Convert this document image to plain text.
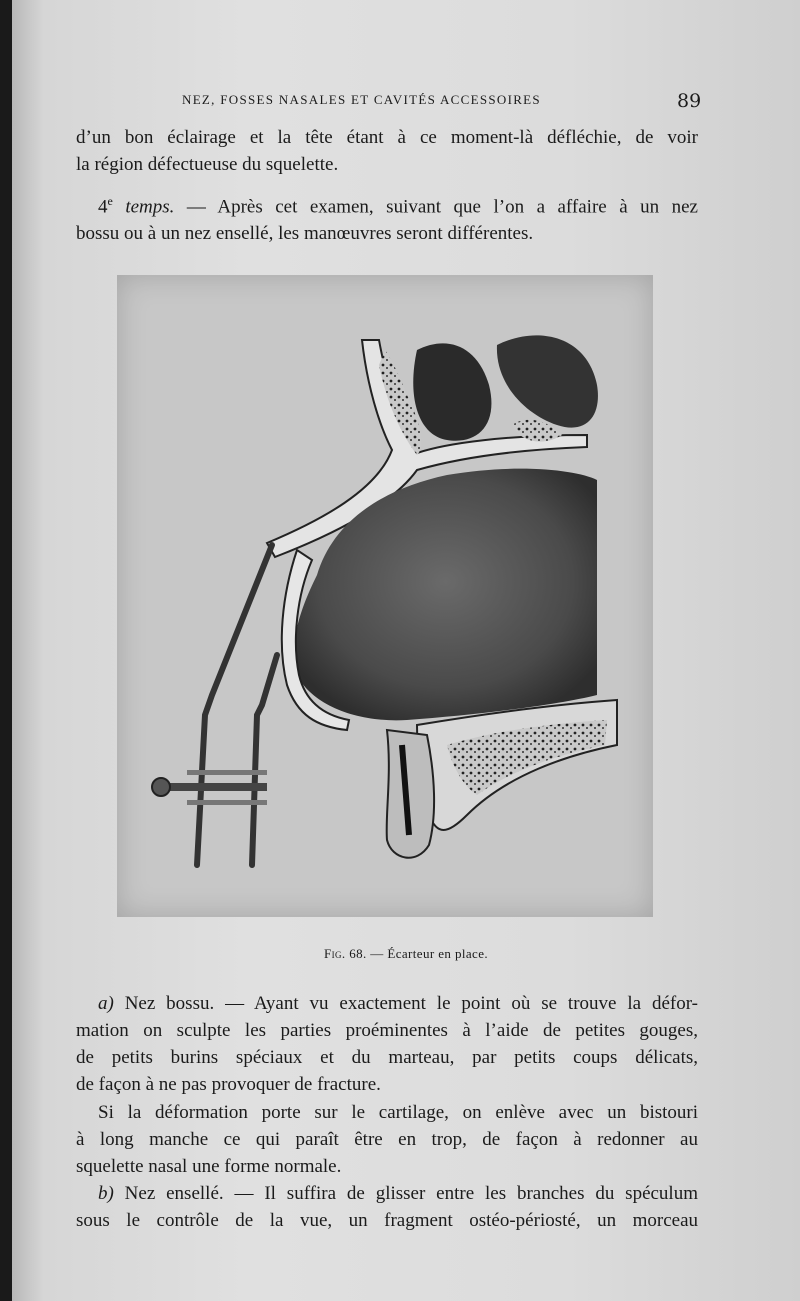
NEZ, FOSSES NASALES ET CAVITÉS ACCESSOIRES	89
d’un bon éclairage et la tête étant à ce moment-là défléchie, de voir
la région défectueuse du squelette.
4e temps. — Après cet examen, suivant que l’on a affaire à un nez
bossu ou à un nez ensellé, les manœuvres seront différentes.
Fig. 68. — Écarteur en place.
a) Nez bossu. — Ayant vu exactement le point où se trouve la défor-
mation on sculpte les parties proéminentes à l’aide de petites gouges,
de petits burins spéciaux et du marteau, par petits coups délicats,
de façon à ne pas provoquer de fracture.
Si la déformation porte sur le cartilage, on enlève avec un bistouri
à long manche ce qui paraît être en trop, de façon à redonner au
squelette nasal une forme normale.
b) Nez ensellé. — Il suffira de glisser entre les branches du spéculum
sous le contrôle de la vue, un fragment ostéo-périosté, un morceau
